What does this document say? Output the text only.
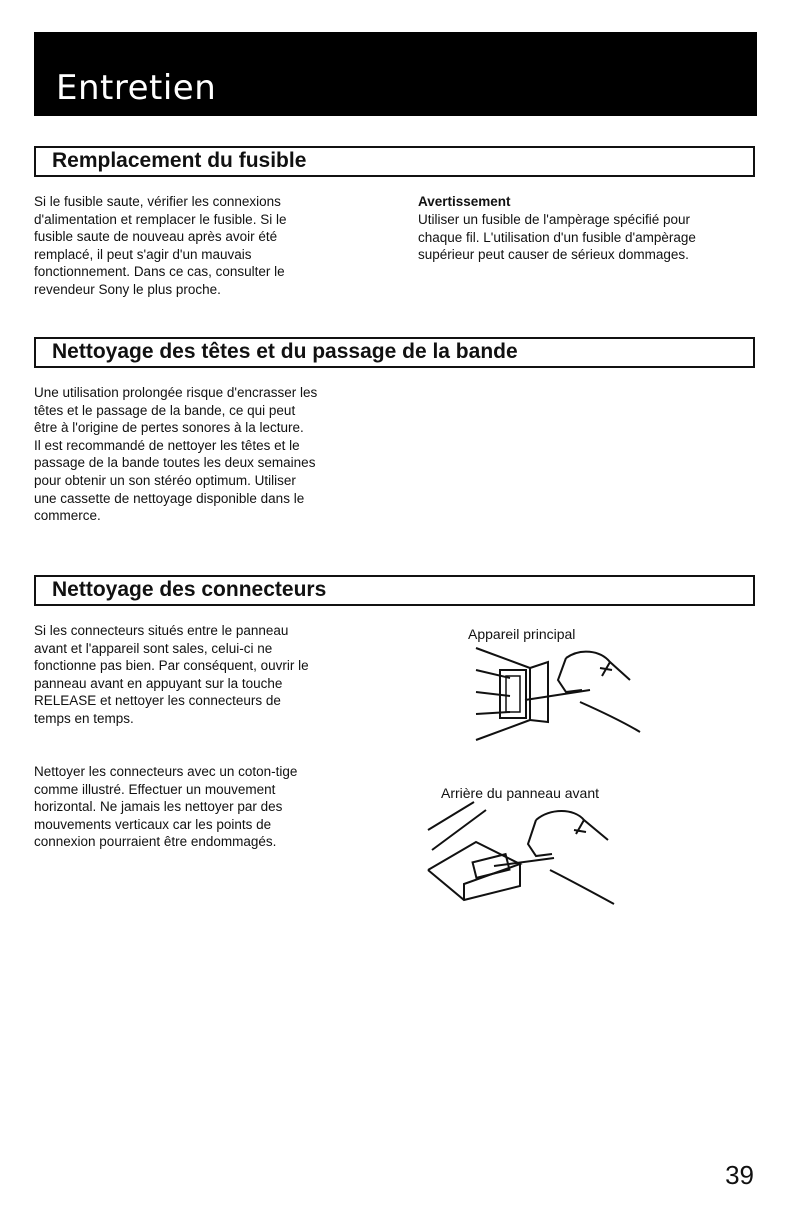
Entretien
Remplacement du fusible

Si le fusible saute, vérifier les connexions
d'alimentation et remplacer le fusible. Si le
fusible saute de nouveau après avoir été
remplacé, il peut s'agir d'un mauvais
fonctionnement. Dans ce cas, consulter le
revendeur Sony le plus proche.

Avertissement

Utiliser un fusible de l'ampèrage spécifié pour
chaque fil. L'utilisation d'un fusible d'ampèrage
supérieur peut causer de sérieux dommages.

Nettoyage des têtes et du passage de la bande

Une utilisation prolongée risque d'encrasser les
têtes et le passage de la bande, ce qui peut
être à l'origine de pertes sonores à la lecture.
Il est recommandé de nettoyer les têtes et le
passage de la bande toutes les deux semaines
pour obtenir un son stéréo optimum. Utiliser
une cassette de nettoyage disponible dans le
commerce.

Nettoyage des connecteurs

Si les connecteurs situés entre le panneau
avant et l'appareil sont sales, celui-ci ne
fonctionne pas bien. Par conséquent, ouvrir le
panneau avant en appuyant sur la touche
RELEASE et nettoyer les connecteurs de
temps en temps.

Nettoyer les connecteurs avec un coton-tige
comme illustré. Effectuer un mouvement
horizontal. Ne jamais les nettoyer par des
mouvements verticaux car les points de
connexion pourraient être endommagés.

Appareil principal
Arrière du panneau avant
39
